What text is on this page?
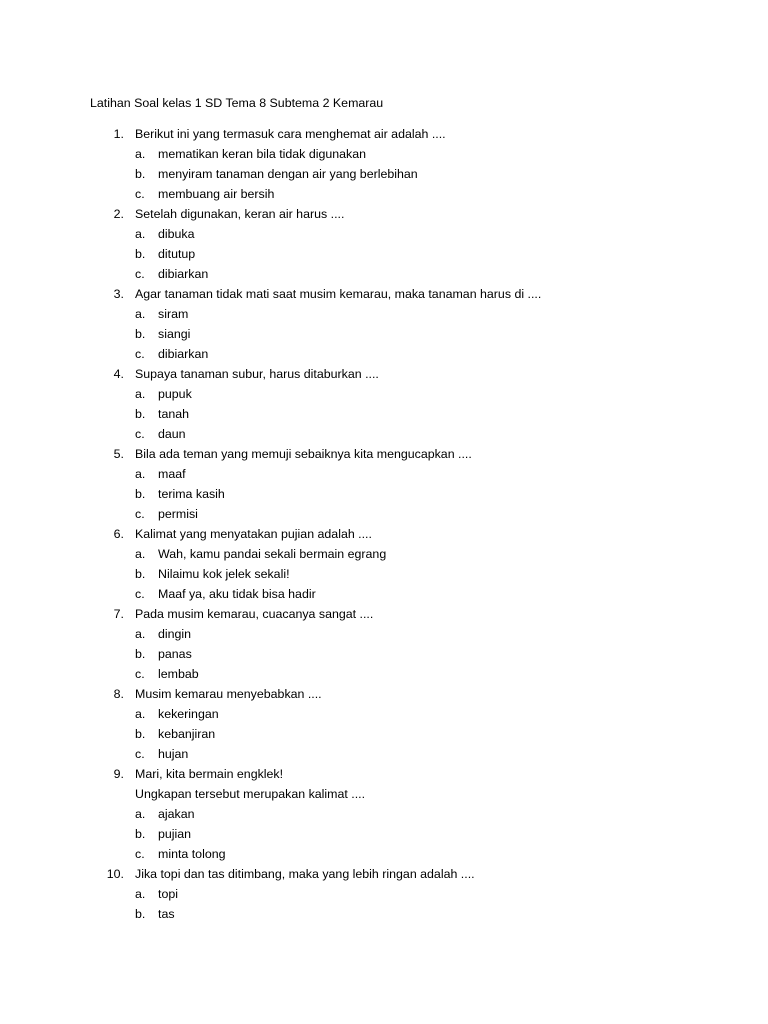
Latihan Soal kelas 1 SD Tema 8 Subtema 2 Kemarau
1. Berikut ini yang termasuk cara menghemat air adalah ....
a. mematikan keran bila tidak digunakan
b. menyiram tanaman dengan air yang berlebihan
c. membuang air bersih
2. Setelah digunakan, keran air harus ....
a. dibuka
b. ditutup
c. dibiarkan
3. Agar tanaman tidak mati saat musim kemarau, maka tanaman harus di ....
a. siram
b. siangi
c. dibiarkan
4. Supaya tanaman subur, harus ditaburkan ....
a. pupuk
b. tanah
c. daun
5. Bila ada teman yang memuji sebaiknya kita mengucapkan ....
a. maaf
b. terima kasih
c. permisi
6. Kalimat yang menyatakan pujian adalah ....
a. Wah, kamu pandai sekali bermain egrang
b. Nilaimu kok jelek sekali!
c. Maaf ya, aku tidak bisa hadir
7. Pada musim kemarau, cuacanya sangat ....
a. dingin
b. panas
c. lembab
8. Musim kemarau menyebabkan ....
a. kekeringan
b. kebanjiran
c. hujan
9. Mari, kita bermain engklek!
Ungkapan tersebut merupakan kalimat ....
a. ajakan
b. pujian
c. minta tolong
10. Jika topi dan tas ditimbang, maka yang lebih ringan adalah ....
a. topi
b. tas
